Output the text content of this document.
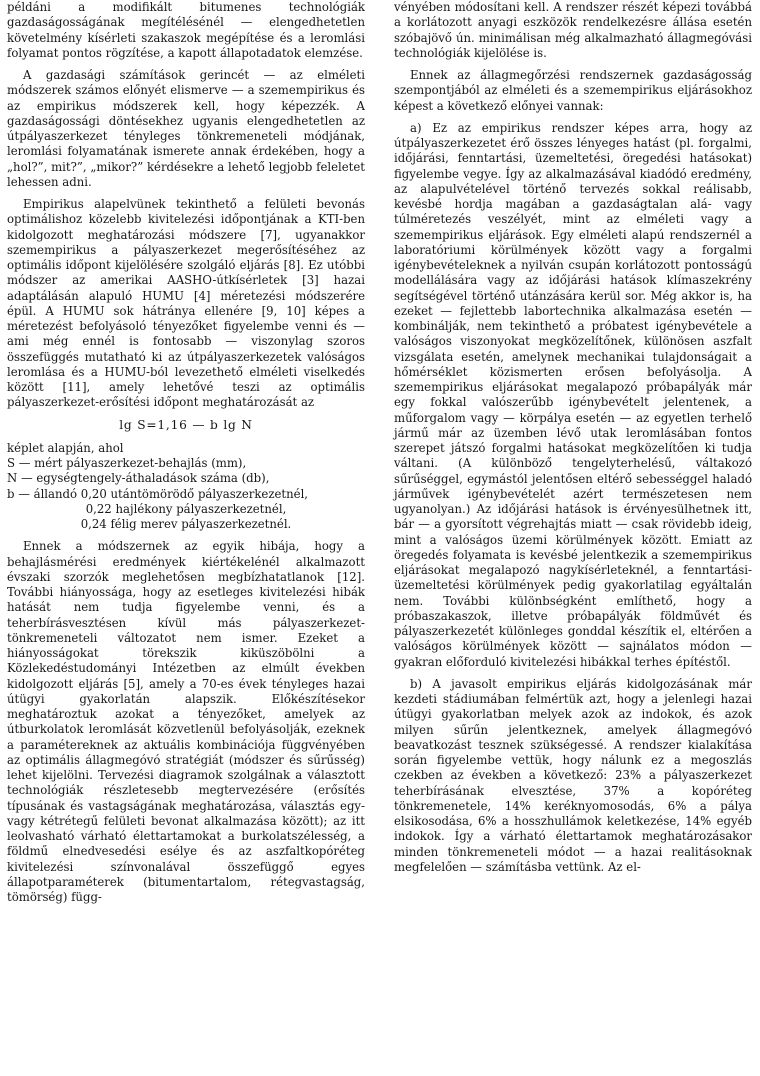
példáni a modifikált bitumenes technológiák gazdaságosságának megítélésénél — elengedhetetlen követelmény kísérleti szakaszok megépítése és a leromlási folyamat pontos rögzítése, a kapott állapotadatok elemzése.

A gazdasági számítások gerincét — az elméleti módszerek számos előnyét elismerve — a szemempirikus és az empirikus módszerek kell, hogy képezzék. A gazdaságossági döntésekhez ugyanis elengedhetetlen az útpályaszerkezet tényleges tönkremeneteli módjának, leromlási folyamatának ismerete annak érdekében, hogy a „hol?”, mit?”, „mikor?” kérdésekre a lehető legjobb feleletet lehessen adni.

Empirikus alapelvünek tekinthető a felületi bevonás optimálishoz közelebb kivitelezési időpontjának a KTI-ben kidolgozott meghatározási módszere [7], ugyanakkor szemempirikus a pályaszerkezet megerősítéséhez az optimális időpont kijelölésére szolgáló eljárás [8]. Ez utóbbi módszer az amerikai AASHO-útkísérletek [3] hazai adaptálásán alapuló HUMU [4] méretezési módszerére épül. A HUMU sok hátránya ellenére [9, 10] képes a méretezést befolyásoló tényezőket figyelembe venni és — ami még ennél is fontosabb — viszonylag szoros összefüggés mutatható ki az útpályaszerkezetek valóságos leromlása és a HUMU-ból levezethető elméleti viselkedés között [11], amely lehetővé teszi az optimális pályaszerkezet-erősítési időpont meghatározását az

lg S=1,16 — b lg N

képlet alapján, ahol

S — mért pályaszerkezet-behajlás (mm),

N — egységtengely-áthaladások száma (db),

b — állandó 0,20 utántömörödő pályaszerkezetnél,

0,22 hajlékony pályaszerkezetnél,

0,24 félig merev pályaszerkezetnél.

Ennek a módszernek az egyik hibája, hogy a behajlásmérési eredmények kiértékelénél alkalmazott évszaki szorzók meglehetősen megbízhatatlanok [12]. További hiányossága, hogy az esetleges kivitelezési hibák hatását nem tudja figyelembe venni, és a teherbírásvesztésen kívül más pályaszerkezet-tönkremeneteli változatot nem ismer. Ezeket a hiányosságokat törekszik kiküszöbölni a Közlekedéstudományi Intézetben az elmúlt években kidolgozott eljárás [5], amely a 70-es évek tényleges hazai útügyi gyakorlatán alapszik. Előkészítésekor meghatároztuk azokat a tényezőket, amelyek az útburkolatok leromlását közvetlenül befolyásolják, ezeknek a paramétereknek az aktuális kombinációja függvényében az optimális állagmegóvó stratégiát (módszer és sűrűsség) lehet kijelölni. Tervezési diagramok szolgálnak a választott technológiák részletesebb megtervezésére (erősítés típusának és vastagságának meghatározása, választás egy- vagy kétrétegű felületi bevonat alkalmazása között); az itt leolvasható várható élettartamokat a burkolatszélesség, a földmű elnedvesedési esélye és az aszfaltkopóréteg kivitelezési színvonalával összefüggő egyes állapotparaméterek (bitumentartalom, rétegvastagság, tömörség) függ-

vényében módosítani kell. A rendszer részét képezi továbbá a korlátozott anyagi eszközök rendelkezésre állása esetén szóbajövő ún. minimálisan még alkalmazható állagmegóvási technológiák kijelölése is.

Ennek az állagmegőrzési rendszernek gazdaságosság szempontjából az elméleti és a szemempirikus eljárásokhoz képest a következő előnyei vannak:

a) Ez az empirikus rendszer képes arra, hogy az útpályaszerkezetet érő összes lényeges hatást (pl. forgalmi, időjárási, fenntartási, üzemeltetési, öregedési hatásokat) figyelembe vegye. Így az alkalmazásával kiadódó eredmény, az alapulvételével történő tervezés sokkal reálisabb, kevésbé hordja magában a gazdaságtalan alá- vagy túlméretezés veszélyét, mint az elméleti vagy a szemempirikus eljárások. Egy elméleti alapú rendszernél a laboratóriumi körülmények között vagy a forgalmi igénybevételeknek a nyilván csupán korlátozott pontosságú modellálására vagy az időjárási hatások klímaszekrény segítségével történő utánzására kerül sor. Még akkor is, ha ezeket — fejlettebb labortechnika alkalmazása esetén — kombinálják, nem tekinthető a próbatest igénybevétele a valóságos viszonyokat megközelítőnek, különösen aszfalt vizsgálata esetén, amelynek mechanikai tulajdonságait a hőmérséklet közismerten erősen befolyásolja. A szemempirikus eljárásokat megalapozó próbapályák már egy fokkal valószerűbb igénybevételt jelentenek, a műforgalom vagy — körpálya esetén — az egyetlen terhelő jármű már az üzemben lévő utak leromlásában fontos szerepet játszó forgalmi hatásokat megközelítően ki tudja váltani. (A különböző tengelyterhelésű, váltakozó sűrűséggel, egymástól jelentősen eltérő sebességgel haladó járművek igénybevételét azért természetesen nem ugyanolyan.) Az időjárási hatások is érvényesülhetnek itt, bár — a gyorsított végrehajtás miatt — csak rövidebb ideig, mint a valóságos üzemi körülmények között. Emiatt az öregedés folyamata is kevésbé jelentkezik a szemempirikus eljárásokat megalapozó nagykísérleteknél, a fenntartási-üzemeltetési körülmények pedig gyakorlatilag egyáltalán nem. További különbségként említhető, hogy a próbaszakaszok, illetve próbapályák földművét és pályaszerkezetét különleges gonddal készítik el, eltérően a valóságos körülmények között — sajnálatos módon — gyakran előforduló kivitelezési hibákkal terhes építéstől.

b) A javasolt empirikus eljárás kidolgozásának már kezdeti stádiumában felmértük azt, hogy a jelenlegi hazai útügyi gyakorlatban melyek azok az indokok, és azok milyen sűrűn jelentkeznek, amelyek állagmegóvó beavatkozást tesznek szükségessé. A rendszer kialakítása során figyelembe vettük, hogy nálunk ez a megoszlás czekben az években a következő: 23% a pályaszerkezet teherbírásának elvesztése, 37% a kopóréteg tönkremenetele, 14% keréknyomosodás, 6% a pálya elsikosodása, 6% a hosszhullámok keletkezése, 14% egyéb indokok. Így a várható élettartamok meghatározásakor minden tönkremeneteli módot — a hazai realitásoknak megfelelően — számításba vettünk. Az el-
